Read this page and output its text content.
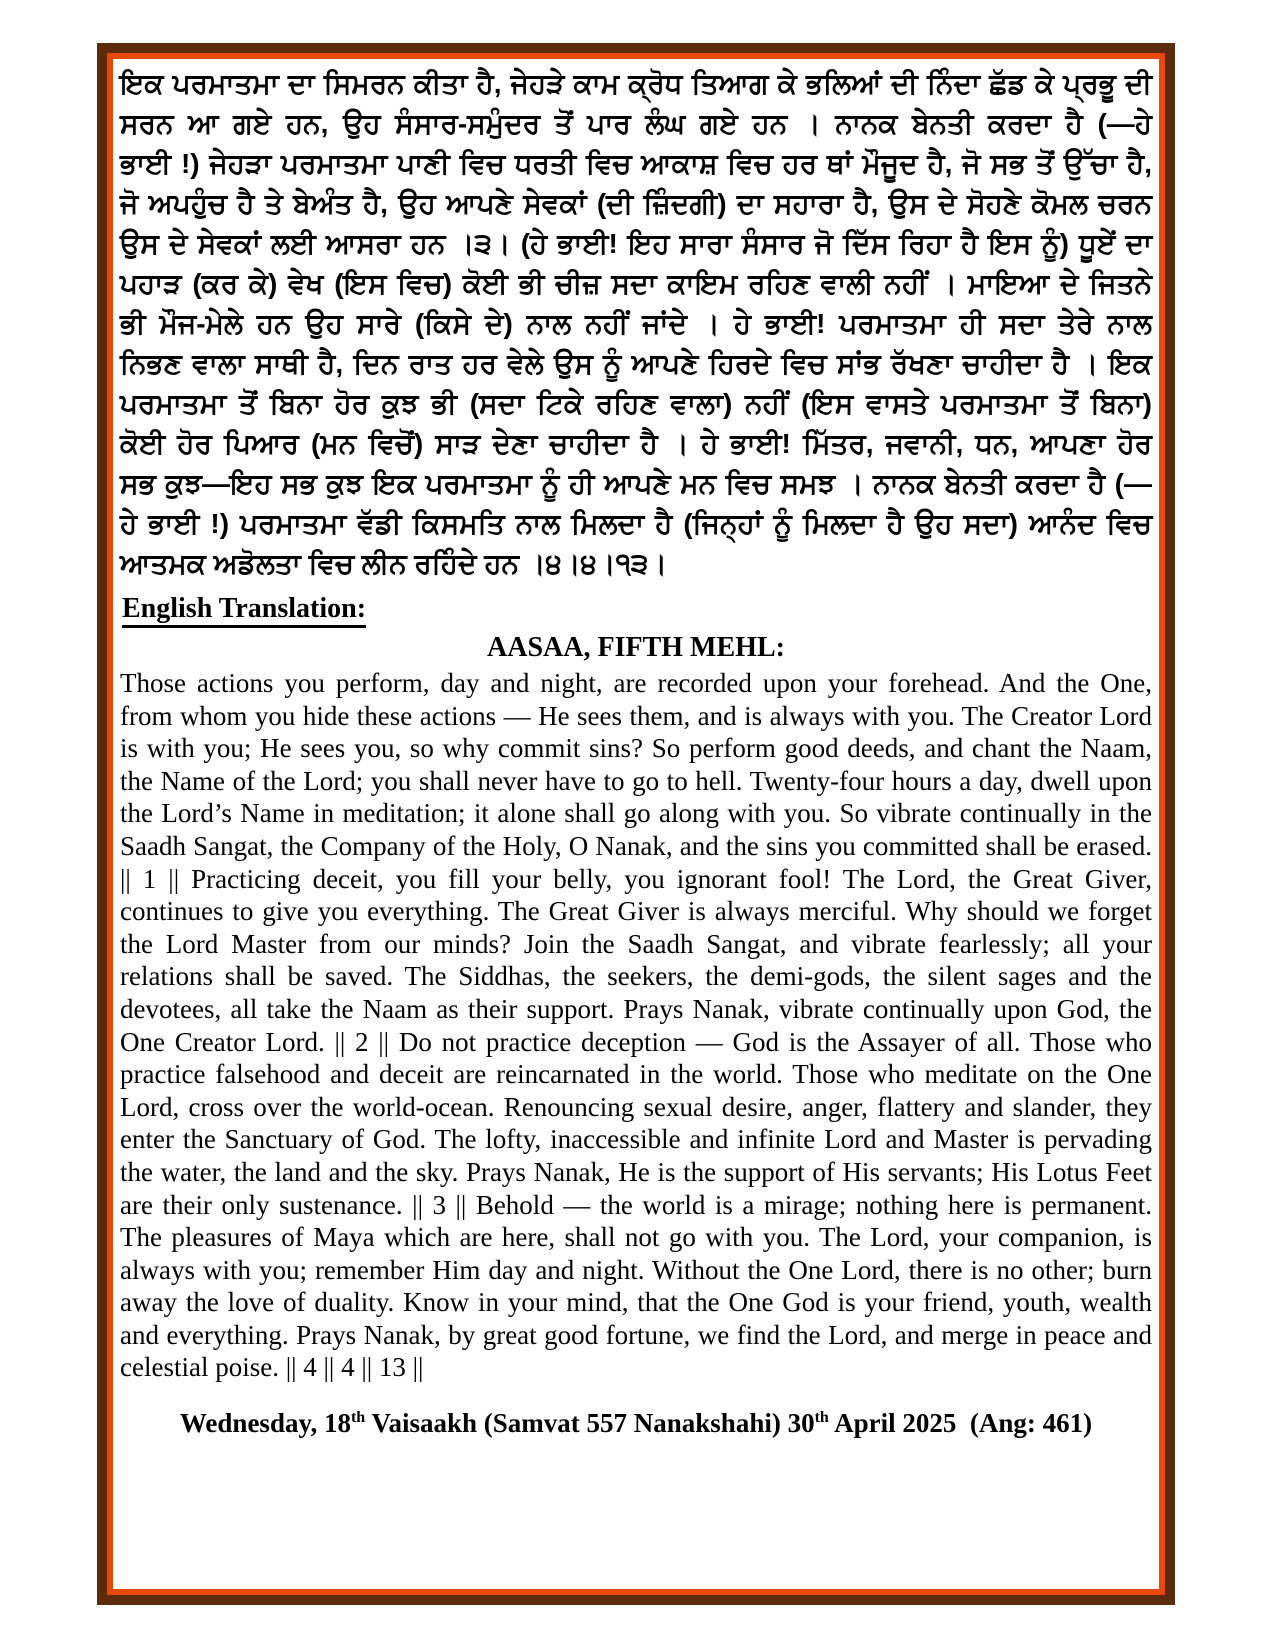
ਇਕ ਪਰਮਾਤਮਾ ਦਾ ਸਿਮਰਨ ਕੀਤਾ ਹੈ, ਜੇਹੜੇ ਕਾਮ ਕ੍ਰੋਧ ਤਿਆਗ ਕੇ ਭਲਿਆਂ ਦੀ ਨਿੰਦਾ ਛੱਡ ਕੇ ਪ੍ਰਭੂ ਦੀ
ਸਰਨ ਆ ਗਏ ਹਨ, ਉਹ ਸੰਸਾਰ-ਸਮੁੰਦਰ ਤੋਂ ਪਾਰ ਲੰਘ ਗਏ ਹਨ । ਨਾਨਕ ਬੇਨਤੀ ਕਰਦਾ ਹੈ (—ਹੇ
ਭਾਈ !) ਜੇਹੜਾ ਪਰਮਾਤਮਾ ਪਾਣੀ ਵਿਚ ਧਰਤੀ ਵਿਚ ਆਕਾਸ਼ ਵਿਚ ਹਰ ਥਾਂ ਮੌਜੂਦ ਹੈ, ਜੋ ਸਭ ਤੋਂ ਉੱਚਾ ਹੈ,
ਜੋ ਅਪਹੁੰਚ ਹੈ ਤੇ ਬੇਅੰਤ ਹੈ, ਉਹ ਆਪਣੇ ਸੇਵਕਾਂ (ਦੀ ਜ਼ਿੰਦਗੀ) ਦਾ ਸਹਾਰਾ ਹੈ, ਉਸ ਦੇ ਸੋਹਣੇ ਕੋਮਲ ਚਰਨ
ਉਸ ਦੇ ਸੇਵਕਾਂ ਲਈ ਆਸਰਾ ਹਨ ।੩। (ਹੇ ਭਾਈ! ਇਹ ਸਾਰਾ ਸੰਸਾਰ ਜੋ ਦਿੱਸ ਰਿਹਾ ਹੈ ਇਸ ਨੂੰ) ਧੂਏਂ ਦਾ
ਪਹਾੜ (ਕਰ ਕੇ) ਵੇਖ (ਇਸ ਵਿਚ) ਕੋਈ ਭੀ ਚੀਜ਼ ਸਦਾ ਕਾਇਮ ਰਹਿਣ ਵਾਲੀ ਨਹੀਂ । ਮਾਇਆ ਦੇ ਜਿਤਨੇ
ਭੀ ਮੌਜ-ਮੇਲੇ ਹਨ ਉਹ ਸਾਰੇ (ਕਿਸੇ ਦੇ) ਨਾਲ ਨਹੀਂ ਜਾਂਦੇ । ਹੇ ਭਾਈ! ਪਰਮਾਤਮਾ ਹੀ ਸਦਾ ਤੇਰੇ ਨਾਲ
ਨਿਭਣ ਵਾਲਾ ਸਾਥੀ ਹੈ, ਦਿਨ ਰਾਤ ਹਰ ਵੇਲੇ ਉਸ ਨੂੰ ਆਪਣੇ ਹਿਰਦੇ ਵਿਚ ਸਾਂਭ ਰੱਖਣਾ ਚਾਹੀਦਾ ਹੈ । ਇਕ
ਪਰਮਾਤਮਾ ਤੋਂ ਬਿਨਾ ਹੋਰ ਕੁਝ ਭੀ (ਸਦਾ ਟਿਕੇ ਰਹਿਣ ਵਾਲਾ) ਨਹੀਂ (ਇਸ ਵਾਸਤੇ ਪਰਮਾਤਮਾ ਤੋਂ ਬਿਨਾ)
ਕੋਈ ਹੋਰ ਪਿਆਰ (ਮਨ ਵਿਚੋਂ) ਸਾੜ ਦੇਣਾ ਚਾਹੀਦਾ ਹੈ । ਹੇ ਭਾਈ! ਮਿੱਤਰ, ਜਵਾਨੀ, ਧਨ, ਆਪਣਾ ਹੋਰ
ਸਭ ਕੁਝ—ਇਹ ਸਭ ਕੁਝ ਇਕ ਪਰਮਾਤਮਾ ਨੂੰ ਹੀ ਆਪਣੇ ਮਨ ਵਿਚ ਸਮਝ । ਨਾਨਕ ਬੇਨਤੀ ਕਰਦਾ ਹੈ (—
ਹੇ ਭਾਈ !) ਪਰਮਾਤਮਾ ਵੱਡੀ ਕਿਸਮਤਿ ਨਾਲ ਮਿਲਦਾ ਹੈ (ਜਿਨ੍ਹਾਂ ਨੂੰ ਮਿਲਦਾ ਹੈ ਉਹ ਸਦਾ) ਆਨੰਦ ਵਿਚ
ਆਤਮਕ ਅਡੋਲਤਾ ਵਿਚ ਲੀਨ ਰਹਿੰਦੇ ਹਨ ।੪।੪।੧੩।
English Translation:
AASAA, FIFTH MEHL:
Those actions you perform, day and night, are recorded upon your forehead. And the One, from whom you hide these actions — He sees them, and is always with you. The Creator Lord is with you; He sees you, so why commit sins? So perform good deeds, and chant the Naam, the Name of the Lord; you shall never have to go to hell. Twenty-four hours a day, dwell upon the Lord’s Name in meditation; it alone shall go along with you. So vibrate continually in the Saadh Sangat, the Company of the Holy, O Nanak, and the sins you committed shall be erased. || 1 || Practicing deceit, you fill your belly, you ignorant fool! The Lord, the Great Giver, continues to give you everything. The Great Giver is always merciful. Why should we forget the Lord Master from our minds? Join the Saadh Sangat, and vibrate fearlessly; all your relations shall be saved. The Siddhas, the seekers, the demi-gods, the silent sages and the devotees, all take the Naam as their support. Prays Nanak, vibrate continually upon God, the One Creator Lord. || 2 || Do not practice deception — God is the Assayer of all. Those who practice falsehood and deceit are reincarnated in the world. Those who meditate on the One Lord, cross over the world-ocean. Renouncing sexual desire, anger, flattery and slander, they enter the Sanctuary of God. The lofty, inaccessible and infinite Lord and Master is pervading the water, the land and the sky. Prays Nanak, He is the support of His servants; His Lotus Feet are their only sustenance. || 3 || Behold — the world is a mirage; nothing here is permanent. The pleasures of Maya which are here, shall not go with you. The Lord, your companion, is always with you; remember Him day and night. Without the One Lord, there is no other; burn away the love of duality. Know in your mind, that the One God is your friend, youth, wealth and everything. Prays Nanak, by great good fortune, we find the Lord, and merge in peace and celestial poise. || 4 || 4 || 13 ||
Wednesday, 18th Vaisaakh (Samvat 557 Nanakshahi) 30th April 2025  (Ang: 461)
